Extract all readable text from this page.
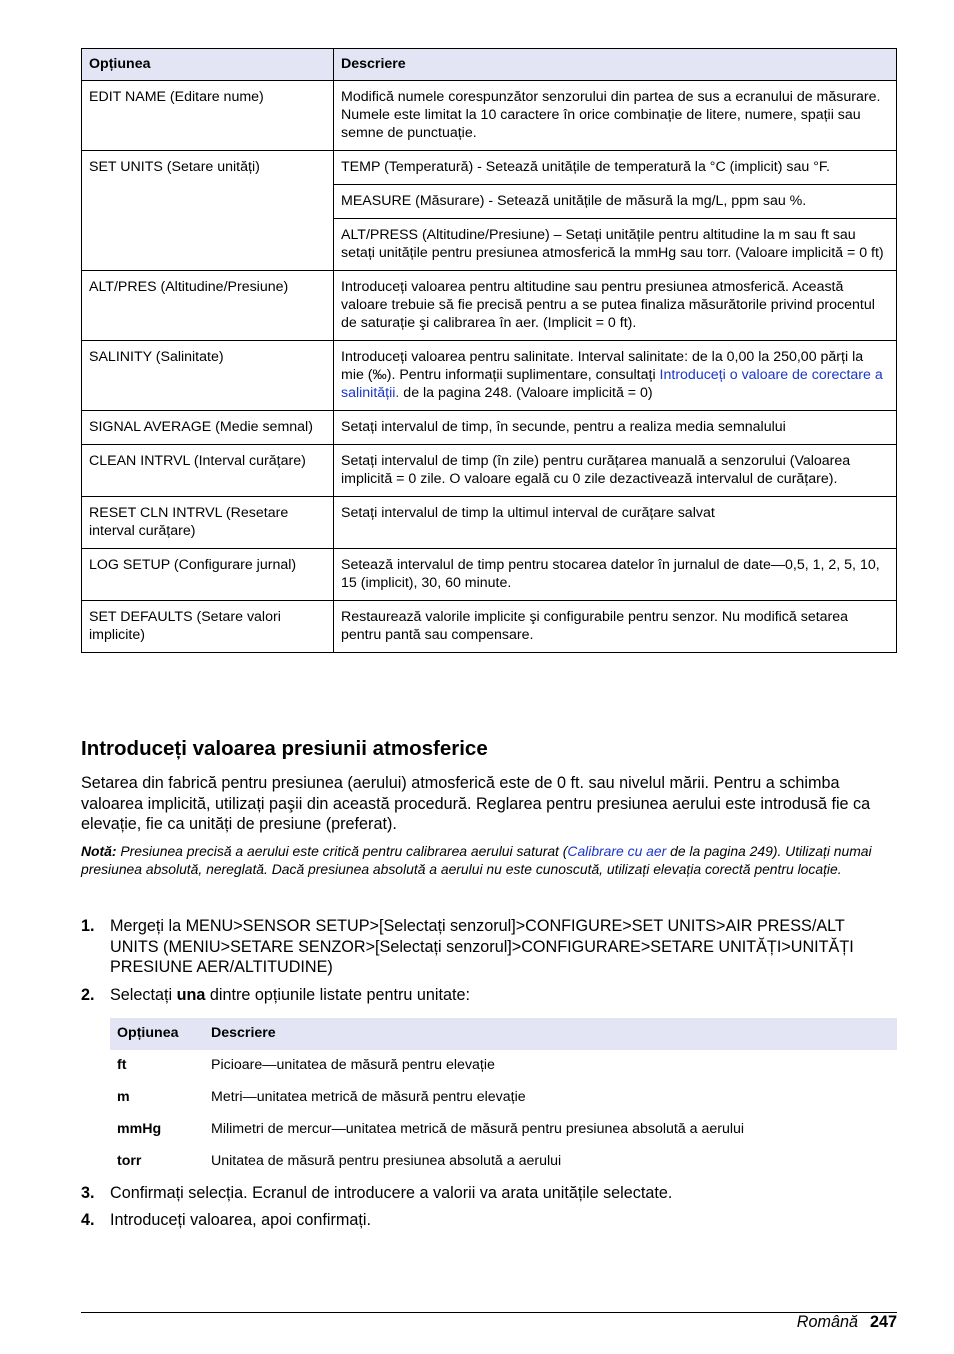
Opțiunea	Descriere
EDIT NAME (Editare nume)	Modifică numele corespunzător senzorului din partea de sus a ecranului de măsurare. Numele este limitat la 10 caractere în orice combinație de litere, numere, spații sau semne de punctuație.
SET UNITS (Setare unități)	TEMP (Temperatură) - Setează unitățile de temperatură la °C (implicit) sau °F.
	MEASURE (Măsurare) - Setează unitățile de măsură la mg/L, ppm sau %.
	ALT/PRESS (Altitudine/Presiune) – Setați unitățile pentru altitudine la m sau ft sau setați unitățile pentru presiunea atmosferică la mmHg sau torr. (Valoare implicită = 0 ft)
ALT/PRES (Altitudine/Presiune)	Introduceți valoarea pentru altitudine sau pentru presiunea atmosferică. Această valoare trebuie să fie precisă pentru a se putea finaliza măsurătorile privind procentul de saturație şi calibrarea în aer. (Implicit = 0 ft).
SALINITY (Salinitate)	Introduceți valoarea pentru salinitate. Interval salinitate: de la 0,00 la 250,00 părți la mie (‰). Pentru informații suplimentare, consultați Introduceți o valoare de corectare a salinității. de la pagina 248. (Valoare implicită = 0)
SIGNAL AVERAGE (Medie semnal)	Setați intervalul de timp, în secunde, pentru a realiza media semnalului
CLEAN INTRVL (Interval curățare)	Setați intervalul de timp (în zile) pentru curățarea manuală a senzorului (Valoarea implicită = 0 zile. O valoare egală cu 0 zile dezactivează intervalul de curățare).
RESET CLN INTRVL (Resetare interval curățare)	Setați intervalul de timp la ultimul interval de curățare salvat
LOG SETUP (Configurare jurnal)	Setează intervalul de timp pentru stocarea datelor în jurnalul de date—0,5, 1, 2, 5, 10, 15 (implicit), 30, 60 minute.
SET DEFAULTS (Setare valori implicite)	Restaurează valorile implicite şi configurabile pentru senzor. Nu modifică setarea pentru pantă sau compensare.
Introduceți valoarea presiunii atmosferice

Setarea din fabrică pentru presiunea (aerului) atmosferică este de 0 ft. sau nivelul mării. Pentru a schimba valoarea implicită, utilizați paşii din această procedură. Reglarea pentru presiunea aerului este introdusă fie ca elevație, fie ca unități de presiune (preferat).

Notă: Presiunea precisă a aerului este critică pentru calibrarea aerului saturat (Calibrare cu aer de la pagina 249). Utilizați numai presiunea absolută, nereglată. Dacă presiunea absolută a aerului nu este cunoscută, utilizați elevația corectă pentru locație.

1. Mergeți la MENU>SENSOR SETUP>[Selectați senzorul]>CONFIGURE>SET UNITS>AIR PRESS/ALT UNITS (MENIU>SETARE SENZOR>[Selectați senzorul]>CONFIGURARE>SETARE UNITĂȚI>UNITĂȚI PRESIUNE AER/ALTITUDINE)
2. Selectați una dintre opțiunile listate pentru unitate:
3. Confirmați selecția. Ecranul de introducere a valorii va arata unitățile selectate.
4. Introduceți valoarea, apoi confirmați.
Opțiunea	Descriere
ft	Picioare—unitatea de măsură pentru elevație
m	Metri—unitatea metrică de măsură pentru elevație
mmHg	Milimetri de mercur—unitatea metrică de măsură pentru presiunea absolută a aerului
torr	Unitatea de măsură pentru presiunea absolută a aerului
Română 247
